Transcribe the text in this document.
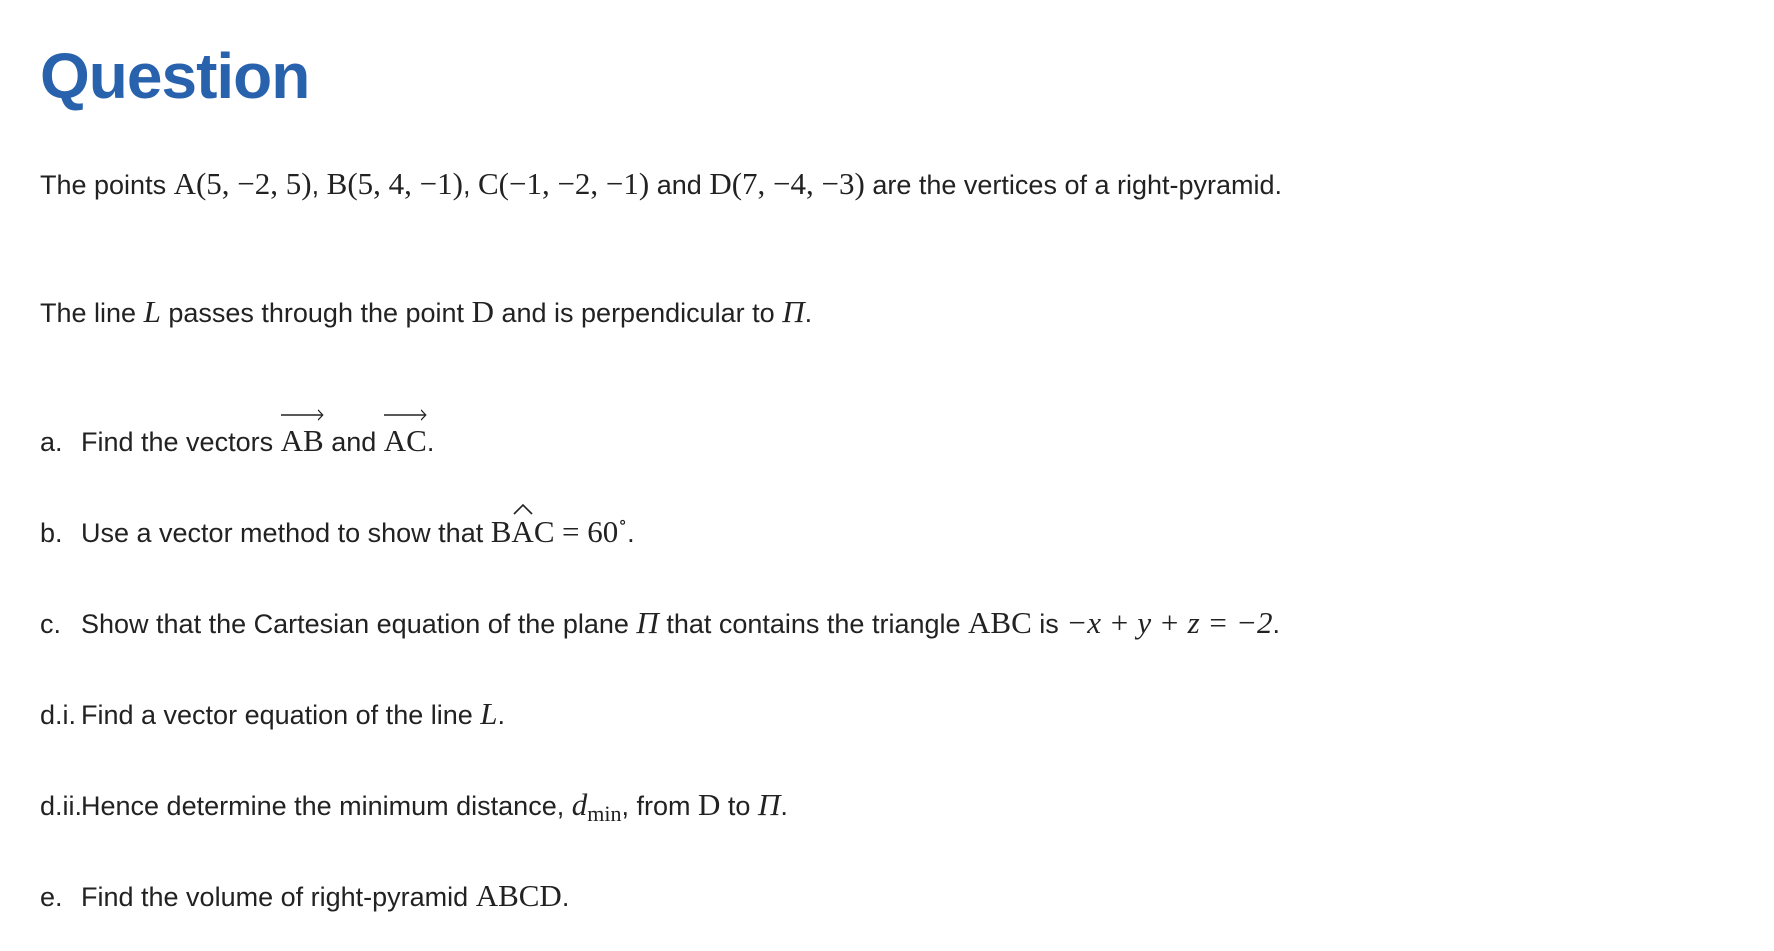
Question

The points A(5, −2, 5), B(5, 4, −1), C(−1, −2, −1) and D(7, −4, −3) are the vertices of a right-pyramid.

The line L passes through the point D and is perpendicular to Π.

a. Find the vectors AB and AC.
b. Use a vector method to show that B
AC = 60∘.
c. Show that the Cartesian equation of the plane Π that contains the triangle ABC is −x + y + z = −2.
d.i. Find a vector equation of the line L.
d.ii.
Hence determine the minimum distance, $d_{min}$, from D to Π.
e. Find the volume of right-pyramid ABCD.
